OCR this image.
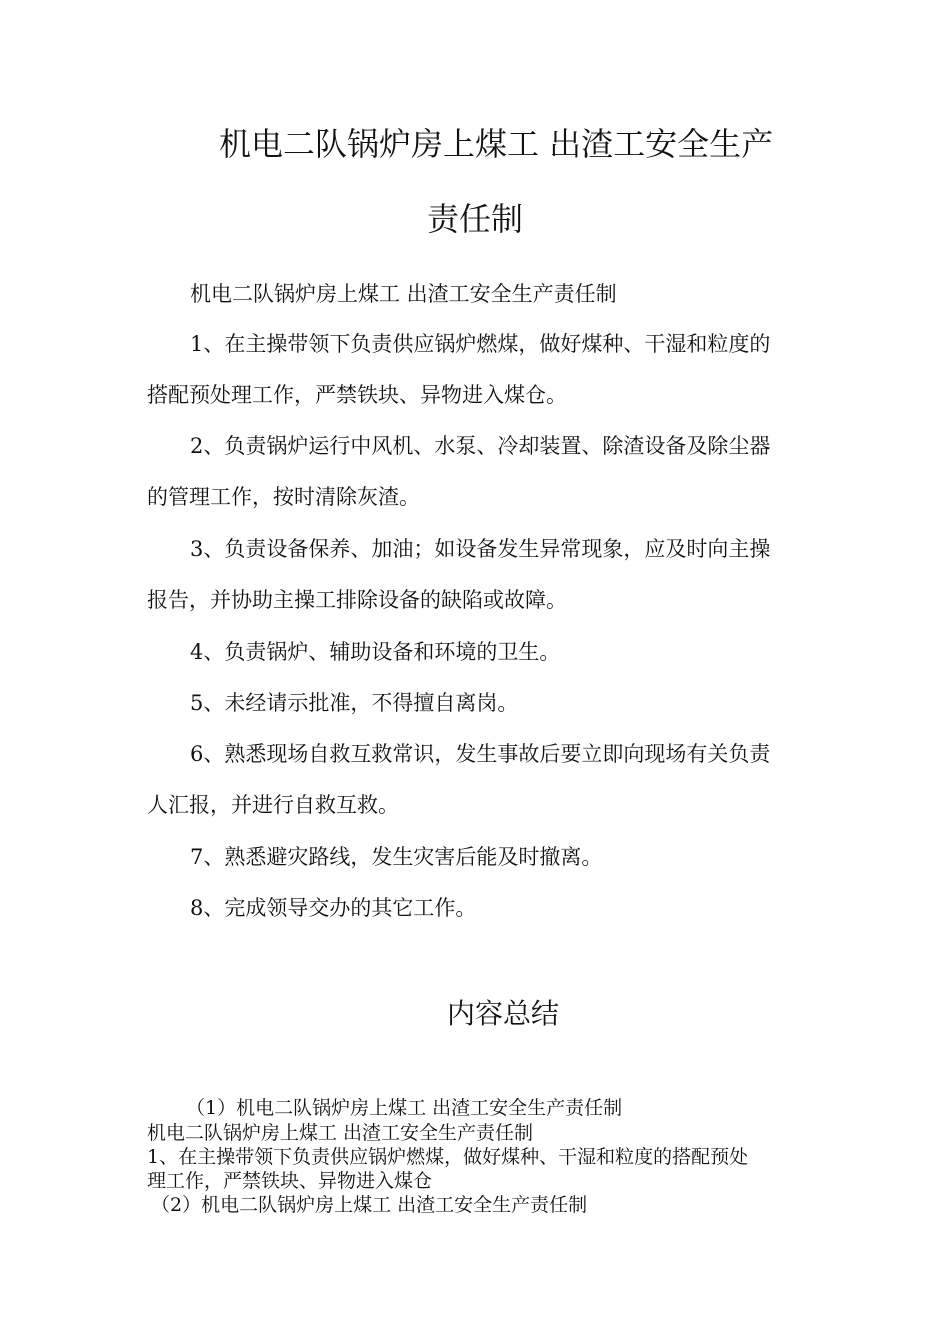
机电二队锅炉房上煤工 出渣工安全生产
责任制

机电二队锅炉房上煤工 出渣工安全生产责任制

1、在主操带领下负责供应锅炉燃煤，做好煤种、干湿和粒度的

搭配预处理工作，严禁铁块、异物进入煤仓。

2、负责锅炉运行中风机、水泵、冷却装置、除渣设备及除尘器

的管理工作，按时清除灰渣。

3、负责设备保养、加油；如设备发生异常现象，应及时向主操

报告，并协助主操工排除设备的缺陷或故障。

4、负责锅炉、辅助设备和环境的卫生。

5、未经请示批准，不得擅自离岗。

6、熟悉现场自救互救常识，发生事故后要立即向现场有关负责

人汇报，并进行自救互救。

7、熟悉避灾路线，发生灾害后能及时撤离。

8、完成领导交办的其它工作。

内容总结

（1）机电二队锅炉房上煤工 出渣工安全生产责任制

机电二队锅炉房上煤工 出渣工安全生产责任制

1、在主操带领下负责供应锅炉燃煤，做好煤种、干湿和粒度的搭配预处

理工作，严禁铁块、异物进入煤仓

（2）机电二队锅炉房上煤工 出渣工安全生产责任制
